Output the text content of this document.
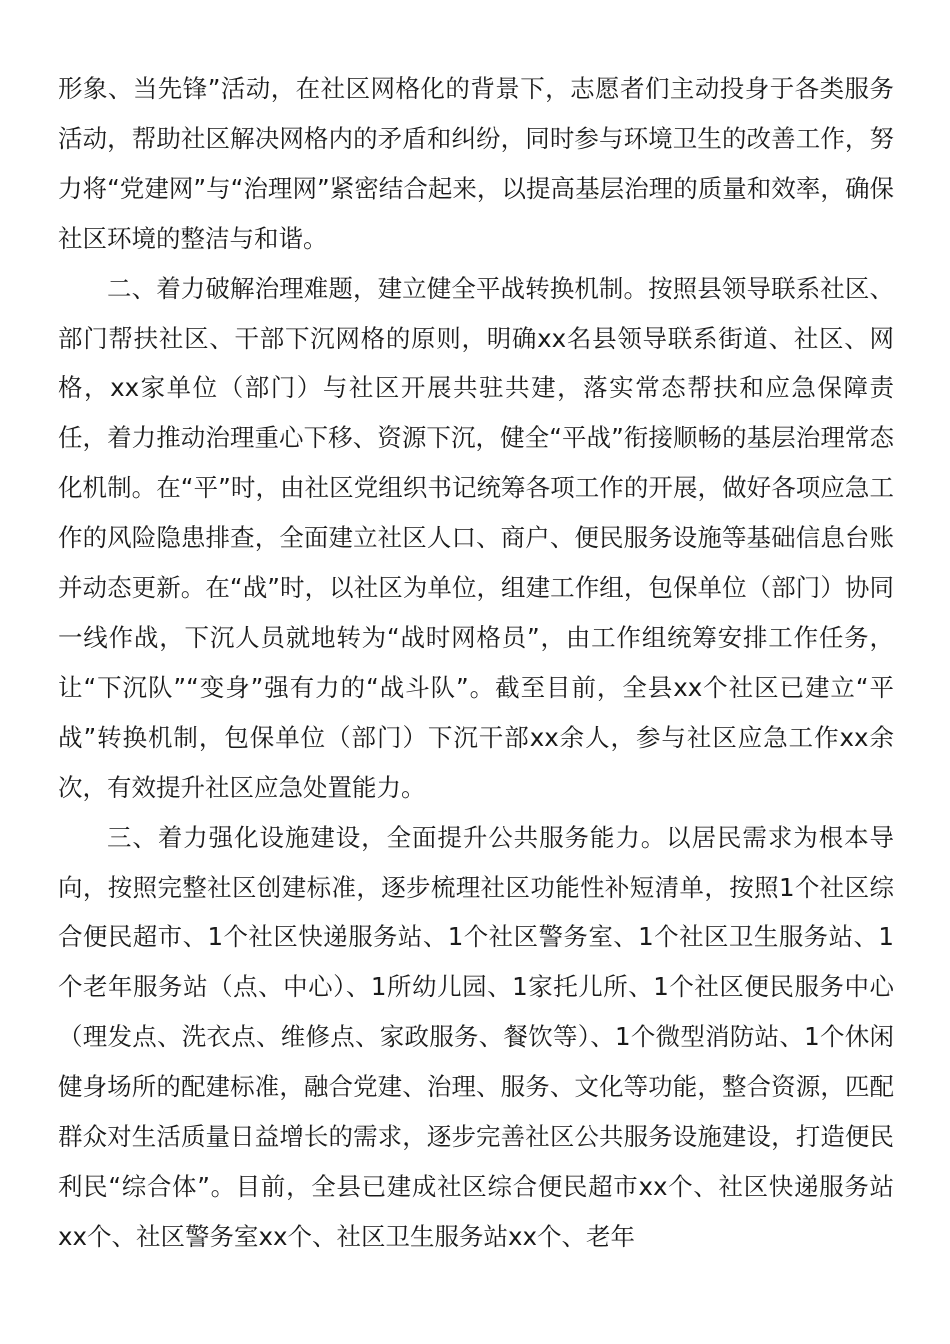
形象、当先锋”活动，在社区网格化的背景下，志愿者们主动投身于各类服务活动，帮助社区解决网格内的矛盾和纠纷，同时参与环境卫生的改善工作，努力将“党建网”与“治理网”紧密结合起来，以提高基层治理的质量和效率，确保社区环境的整洁与和谐。

二、着力破解治理难题，建立健全平战转换机制。按照县领导联系社区、部门帮扶社区、干部下沉网格的原则，明确xx名县领导联系街道、社区、网格，xx家单位（部门）与社区开展共驻共建，落实常态帮扶和应急保障责任，着力推动治理重心下移、资源下沉，健全“平战”衔接顺畅的基层治理常态化机制。在“平”时，由社区党组织书记统筹各项工作的开展，做好各项应急工作的风险隐患排查，全面建立社区人口、商户、便民服务设施等基础信息台账并动态更新。在“战”时，以社区为单位，组建工作组，包保单位（部门）协同一线作战，下沉人员就地转为“战时网格员”，由工作组统筹安排工作任务，让“下沉队”“变身”强有力的“战斗队”。截至目前，全县xx个社区已建立“平战”转换机制，包保单位（部门）下沉干部xx余人，参与社区应急工作xx余次，有效提升社区应急处置能力。

三、着力强化设施建设，全面提升公共服务能力。以居民需求为根本导向，按照完整社区创建标准，逐步梳理社区功能性补短清单，按照1个社区综合便民超市、1个社区快递服务站、1个社区警务室、1个社区卫生服务站、1个老年服务站（点、中心）、1所幼儿园、1家托儿所、1个社区便民服务中心（理发点、洗衣点、维修点、家政服务、餐饮等）、1个微型消防站、1个休闲健身场所的配建标准，融合党建、治理、服务、文化等功能，整合资源，匹配群众对生活质量日益增长的需求，逐步完善社区公共服务设施建设，打造便民利民“综合体”。目前，全县已建成社区综合便民超市xx个、社区快递服务站xx个、社区警务室xx个、社区卫生服务站xx个、老年
